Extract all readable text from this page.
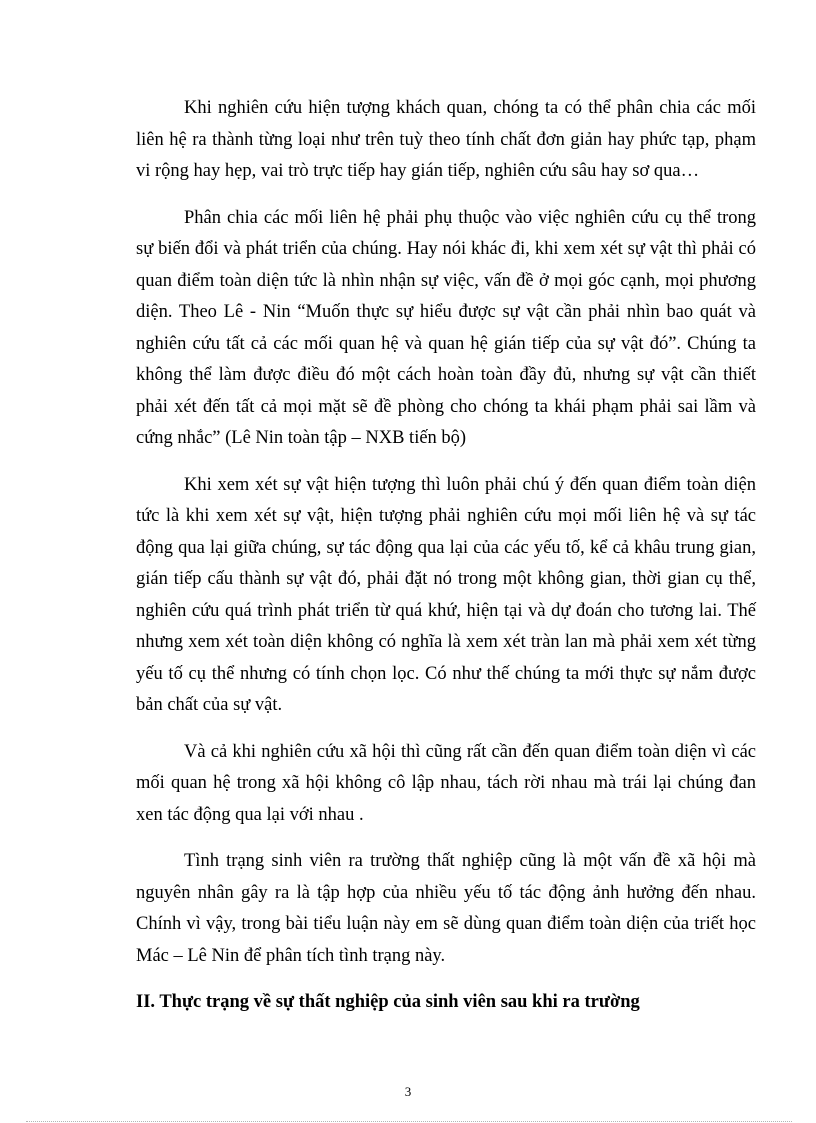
Khi nghiên cứu hiện tượng khách quan, chóng ta có thể phân chia các mối liên hệ ra thành từng loại như trên tuỳ theo tính chất đơn giản hay phức tạp, phạm vi rộng hay hẹp, vai trò trực tiếp hay gián tiếp, nghiên cứu sâu hay sơ qua…

Phân chia các mối liên hệ phải phụ thuộc vào việc nghiên cứu cụ thể trong sự biến đổi và phát triển của chúng. Hay nói khác đi, khi xem xét sự vật thì phải có quan điểm toàn diện tức là nhìn nhận sự việc, vấn đề ở mọi góc cạnh, mọi phương diện. Theo Lê - Nin “Muốn thực sự hiểu được sự vật cần phải nhìn bao quát và nghiên cứu tất cả các mối quan hệ và quan hệ gián tiếp của sự vật đó”. Chúng ta không thể làm được điều đó một cách hoàn toàn đầy đủ, nhưng sự vật cần thiết phải xét đến tất cả mọi mặt sẽ đề phòng cho chóng ta khái phạm phải sai lầm và cứng nhắc” (Lê Nin toàn tập – NXB tiến bộ)

Khi xem xét sự vật hiện tượng thì luôn phải chú ý đến quan điểm toàn diện tức là khi xem xét sự vật, hiện tượng phải nghiên cứu mọi mối liên hệ và sự tác động qua lại giữa chúng, sự tác động qua lại của các yếu tố, kể cả khâu trung gian, gián tiếp cấu thành sự vật đó, phải đặt nó trong một không gian, thời gian cụ thể, nghiên cứu quá trình phát triển từ quá khứ, hiện tại và dự đoán cho tương lai. Thế nhưng xem xét toàn diện không có nghĩa là xem xét tràn lan mà phải xem xét từng yếu tố cụ thể nhưng có tính chọn lọc. Có như thế chúng ta mới thực sự nắm được bản chất của sự vật.

Và cả khi nghiên cứu xã hội thì cũng rất cần đến quan điểm toàn diện vì các mối quan hệ trong xã hội không cô lập nhau, tách rời nhau mà trái lại chúng đan xen tác động qua lại với nhau .

Tình trạng sinh viên ra trường thất nghiệp cũng là một vấn đề xã hội mà nguyên nhân gây ra là tập hợp của nhiều yếu tố tác động ảnh hưởng đến nhau. Chính vì vậy, trong bài tiểu luận này em sẽ dùng quan điểm toàn diện của triết học Mác – Lê Nin để phân tích tình trạng này.

II. Thực trạng về sự thất nghiệp của sinh viên sau khi ra trường

3
